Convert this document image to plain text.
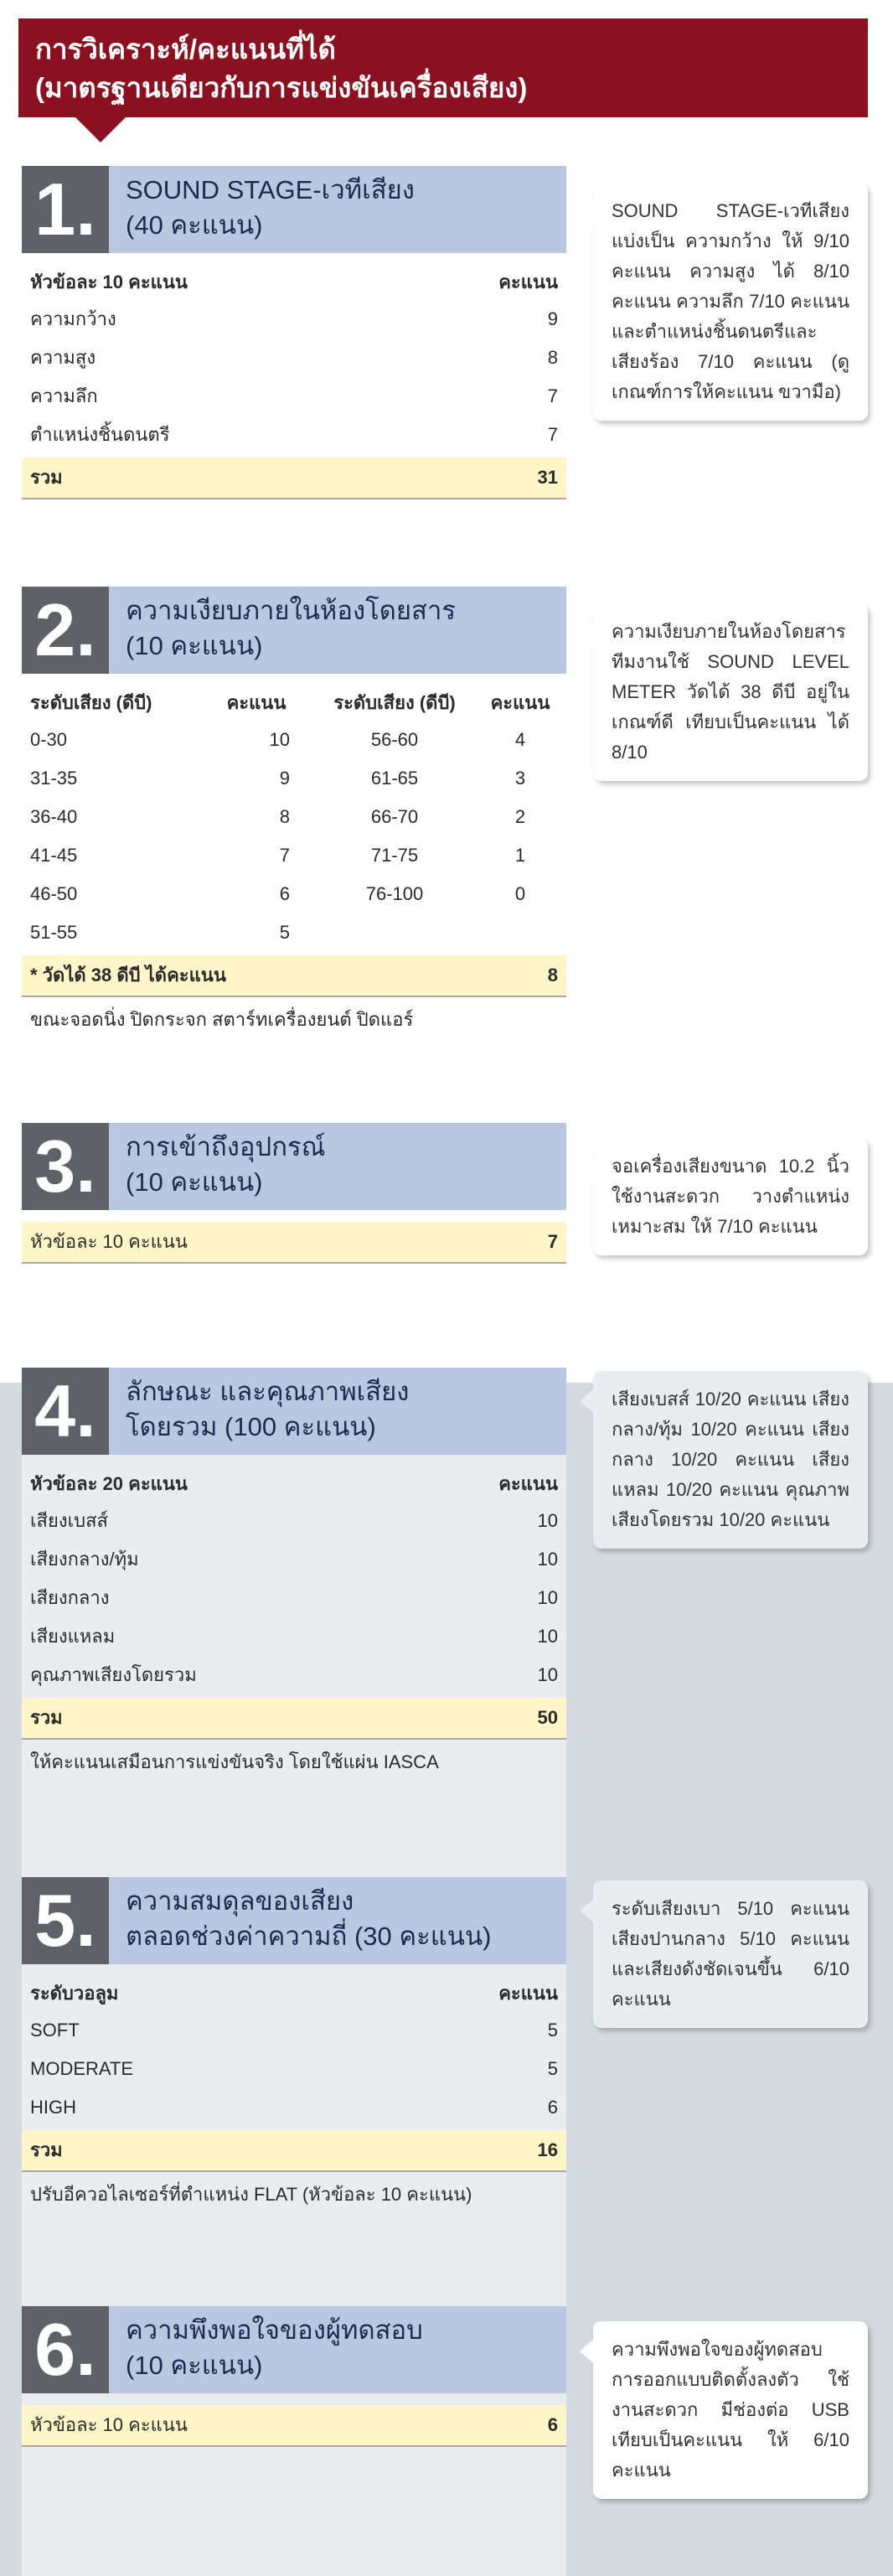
การวิเคราะห์/คะแนนที่ได้
(มาตรฐานเดียวกับการแข่งขันเครื่องเสียง)
1.	SOUND STAGE-เวทีเสียง
(40 คะแนน)
หัวข้อละ 10 คะแนน	คะแนน
ความกว้าง	9
ความสูง	8
ความลึก	7
ตำแหน่งชิ้นดนตรี	7
รวม	31
SOUND STAGE-เวทีเสียง แบ่งเป็น ความกว้าง ให้ 9/10 คะแนน ความสูง ได้ 8/10 คะแนน ความลึก 7/10 คะแนน และตำแหน่งชิ้นดนตรีและเสียงร้อง 7/10 คะแนน (ดูเกณฑ์การให้คะแนน ขวามือ)
2.	ความเงียบภายในห้องโดยสาร
(10 คะแนน)
ระดับเสียง (ดีบี)	คะแนน	ระดับเสียง (ดีบี)	คะแนน
0-30	10	56-60	4
31-35	9	61-65	3
36-40	8	66-70	2
41-45	7	71-75	1
46-50	6	76-100	0
51-55	5
* วัดได้ 38 ดีบี ได้คะแนน	8
ขณะจอดนิ่ง ปิดกระจก สตาร์ทเครื่องยนต์ ปิดแอร์
ความเงียบภายในห้องโดยสาร ทีมงานใช้ SOUND LEVEL METER วัดได้ 38 ดีบี อยู่ในเกณฑ์ดี เทียบเป็นคะแนน ได้ 8/10
3.	การเข้าถึงอุปกรณ์
(10 คะแนน)
หัวข้อละ 10 คะแนน	7
จอเครื่องเสียงขนาด 10.2 นิ้ว ใช้งานสะดวก วางตำแหน่งเหมาะสม ให้ 7/10 คะแนน
4.	ลักษณะ และคุณภาพเสียง
โดยรวม (100 คะแนน)
หัวข้อละ 20 คะแนน	คะแนน
เสียงเบสส์	10
เสียงกลาง/ทุ้ม	10
เสียงกลาง	10
เสียงแหลม	10
คุณภาพเสียงโดยรวม	10
รวม	50
ให้คะแนนเสมือนการแข่งขันจริง โดยใช้แผ่น IASCA
เสียงเบสส์ 10/20 คะแนน เสียงกลาง/ทุ้ม 10/20 คะแนน เสียงกลาง 10/20 คะแนน เสียงแหลม 10/20 คะแนน คุณภาพเสียงโดยรวม 10/20 คะแนน
5.	ความสมดุลของเสียง
ตลอดช่วงค่าความถี่ (30 คะแนน)
ระดับวอลูม	คะแนน
SOFT	5
MODERATE	5
HIGH	6
รวม	16
ปรับอีควอไลเซอร์ที่ตำแหน่ง FLAT (หัวข้อละ 10 คะแนน)
ระดับเสียงเบา 5/10 คะแนน เสียงปานกลาง 5/10 คะแนน และเสียงดังชัดเจนขึ้น 6/10 คะแนน
6.	ความพึงพอใจของผู้ทดสอบ
(10 คะแนน)
หัวข้อละ 10 คะแนน	6
ความพึงพอใจของผู้ทดสอบ การออกแบบติดตั้งลงตัว ใช้งานสะดวก มีช่องต่อ USB เทียบเป็นคะแนน ให้ 6/10 คะแนน
